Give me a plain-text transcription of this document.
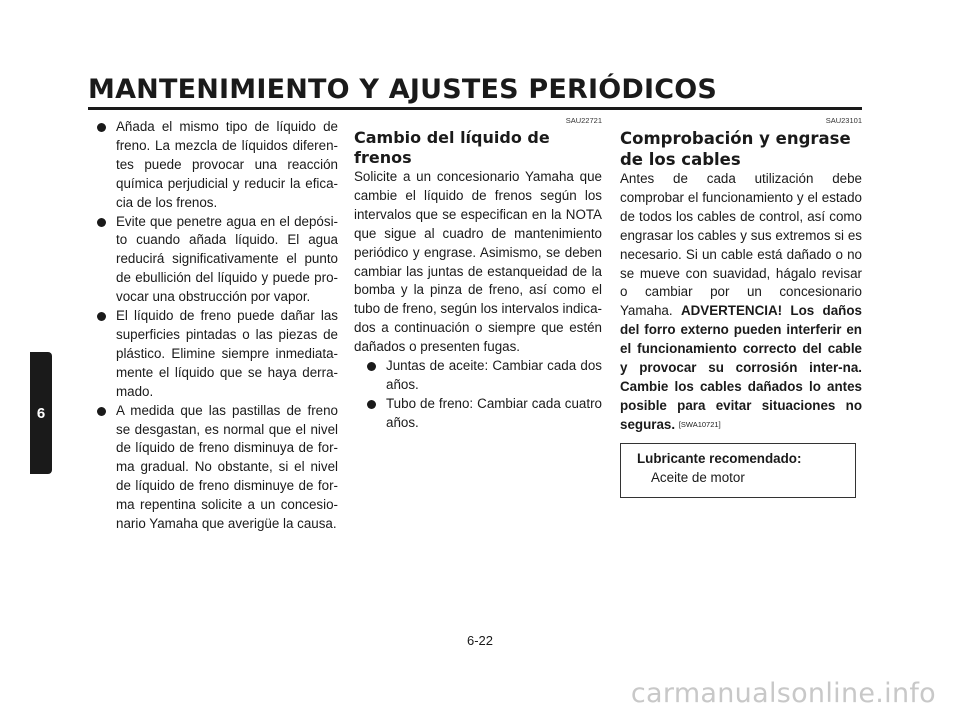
MANTENIMIENTO Y AJUSTES PERIÓDICOS
6
Añada el mismo tipo de líquido de freno. La mezcla de líquidos diferen-tes puede provocar una reacción química perjudicial y reducir la efica-cia de los frenos.
Evite que penetre agua en el depósi-to cuando añada líquido. El agua reducirá significativamente el punto de ebullición del líquido y puede pro-vocar una obstrucción por vapor.
El líquido de freno puede dañar las superficies pintadas o las piezas de plástico. Elimine siempre inmediata-mente el líquido que se haya derra-mado.
A medida que las pastillas de freno se desgastan, es normal que el nivel de líquido de freno disminuya de for-ma gradual. No obstante, si el nivel de líquido de freno disminuye de for-ma repentina solicite a un concesio-nario Yamaha que averigüe la causa.
SAU22721
Cambio del líquido de frenos

Solicite a un concesionario Yamaha que cambie el líquido de frenos según los intervalos que se especifican en la NOTA que sigue al cuadro de mantenimiento periódico y engrase. Asimismo, se deben cambiar las juntas de estanqueidad de la bomba y la pinza de freno, así como el tubo de freno, según los intervalos indica-dos a continuación o siempre que estén dañados o presenten fugas.

Juntas de aceite: Cambiar cada dos años.
Tubo de freno: Cambiar cada cuatro años.
SAU23101
Comprobación y engrase de los cables

Antes de cada utilización debe comprobar el funcionamiento y el estado de todos los cables de control, así como engrasar los cables y sus extremos si es necesario. Si un cable está dañado o no se mueve con suavidad, hágalo revisar o cambiar por un concesionario Yamaha. ADVERTENCIA! Los daños del forro externo pueden interferir en el funcionamiento correcto del cable y provocar su corrosión inter-na. Cambie los cables dañados lo antes posible para evitar situaciones no seguras. [SWA10721]

Lubricante recomendado:
Aceite de motor
6-22
carmanualsonline.info
